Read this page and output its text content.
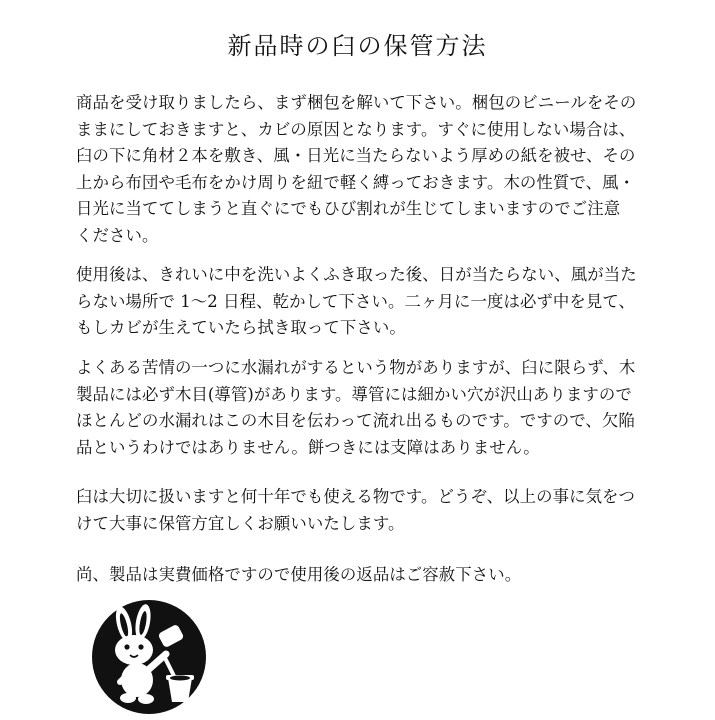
新品時の臼の保管方法
商品を受け取りましたら、まず梱包を解いて下さい。梱包のビニールをその
ままにしておきますと、カビの原因となります。すぐに使用しない場合は、
臼の下に角材２本を敷き、風・日光に当たらないよう厚めの紙を被せ、その
上から布団や毛布をかけ周りを紐で軽く縛っておきます。木の性質で、風・
日光に当ててしまうと直ぐにでもひび割れが生じてしまいますのでご注意
ください。
使用後は、きれいに中を洗いよくふき取った後、日が当たらない、風が当た
らない場所で 1〜2 日程、乾かして下さい。二ヶ月に一度は必ず中を見て、
もしカビが生えていたら拭き取って下さい。
よくある苦情の一つに水漏れがするという物がありますが、臼に限らず、木
製品には必ず木目(導管)があります。導管には細かい穴が沢山ありますので
ほとんどの水漏れはこの木目を伝わって流れ出るものです。ですので、欠陥
品というわけではありません。餅つきには支障はありません。
臼は大切に扱いますと何十年でも使える物です。どうぞ、以上の事に気をつ
けて大事に保管方宜しくお願いいたします。
尚、製品は実費価格ですので使用後の返品はご容赦下さい。
